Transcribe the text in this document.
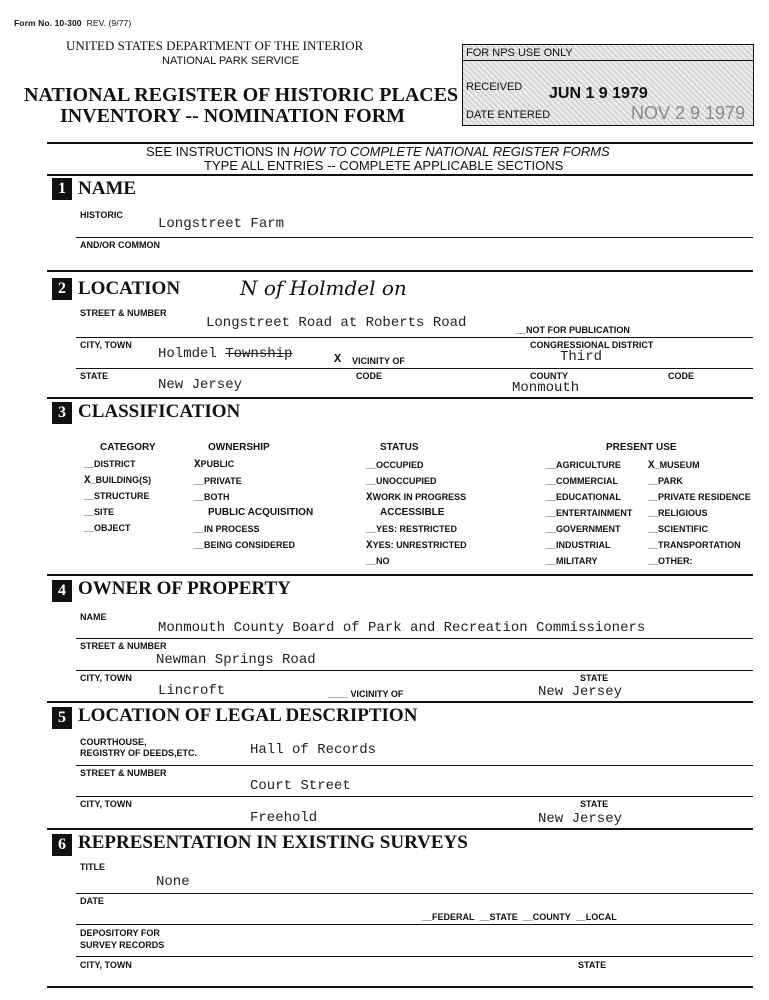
Form No. 10-300 REV. (9/77)
UNITED STATES DEPARTMENT OF THE INTERIOR
NATIONAL PARK SERVICE
NATIONAL REGISTER OF HISTORIC PLACES
INVENTORY -- NOMINATION FORM
FOR NPS USE ONLY
RECEIVED JUN 1 9 1979
DATE ENTERED	NOV 2 9 1979
SEE INSTRUCTIONS IN HOW TO COMPLETE NATIONAL REGISTER FORMS
TYPE ALL ENTRIES -- COMPLETE APPLICABLE SECTIONS
1 NAME
HISTORIC
Longstreet Farm
AND/OR COMMON
2 LOCATION	N of Holmdel on
STREET & NUMBER
Longstreet Road at Roberts Road	__NOT FOR PUBLICATION
CITY, TOWN
Holmdel Township	X VICINITY OF
CONGRESSIONAL DISTRICT
Third
STATE
New Jersey
CODE	COUNTY
Monmouth
CODE
3 CLASSIFICATION
CATEGORY
__DISTRICT
X_BUILDING(S)
__STRUCTURE
__SITE
__OBJECT
OWNERSHIP
XPUBLIC
__PRIVATE
__BOTH
PUBLIC ACQUISITION
__IN PROCESS
__BEING CONSIDERED
STATUS
__OCCUPIED
__UNOCCUPIED
XWORK IN PROGRESS
ACCESSIBLE
__YES: RESTRICTED
XYES: UNRESTRICTED
__NO
PRESENT USE
__AGRICULTURE
__COMMERCIAL
__EDUCATIONAL
__ENTERTAINMENT
__GOVERNMENT
__INDUSTRIAL
__MILITARY
X_MUSEUM
__PARK
__PRIVATE RESIDENCE
__RELIGIOUS
__SCIENTIFIC
__TRANSPORTATION
__OTHER:
4 OWNER OF PROPERTY
NAME
Monmouth County Board of Park and Recreation Commissioners
STREET & NUMBER
Newman Springs Road
CITY, TOWN
Lincroft	____ VICINITY OF
STATE
New Jersey
5 LOCATION OF LEGAL DESCRIPTION
COURTHOUSE,
REGISTRY OF DEEDS,ETC.	Hall of Records
STREET & NUMBER
Court Street
CITY, TOWN
Freehold
STATE
New Jersey
6 REPRESENTATION IN EXISTING SURVEYS
TITLE
None
DATE
__FEDERAL  __STATE  __COUNTY  __LOCAL
DEPOSITORY FOR
SURVEY RECORDS
CITY, TOWN	STATE
